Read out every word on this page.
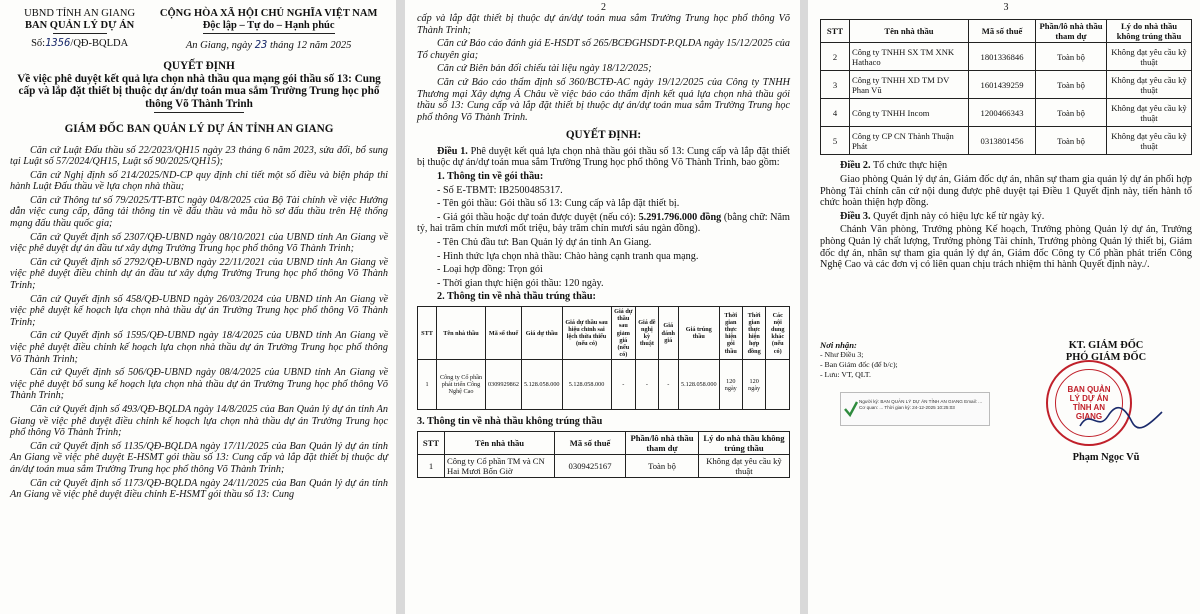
UBND TỈNH AN GIANG
BAN QUẢN LÝ DỰ ÁN
Số:1356/QĐ-BQLDA
CỘNG HÒA XÃ HỘI CHỦ NGHĨA VIỆT NAM
Độc lập – Tự do – Hạnh phúc
An Giang, ngày 23 tháng 12 năm 2025

QUYẾT ĐỊNH

Về việc phê duyệt kết quả lựa chọn nhà thầu qua mạng gói thầu số 13: Cung cấp và lắp đặt thiết bị thuộc dự án/dự toán mua sắm Trường Trung học phổ thông Võ Thành Trinh

GIÁM ĐỐC BAN QUẢN LÝ DỰ ÁN TỈNH AN GIANG

Căn cứ Luật Đấu thầu số 22/2023/QH15 ngày 23 tháng 6 năm 2023, sửa đổi, bổ sung tại Luật số 57/2024/QH15, Luật số 90/2025/QH15);

Căn cứ Nghị định số 214/2025/ND-CP quy định chi tiết một số điều và biện pháp thi hành Luật Đấu thầu về lựa chọn nhà thầu;

Căn cứ Thông tư số 79/2025/TT-BTC ngày 04/8/2025 của Bộ Tài chính về việc Hướng dẫn việc cung cấp, đăng tải thông tin về đấu thầu và mẫu hồ sơ đấu thầu trên Hệ thống mạng đấu thầu quốc gia;

Căn cứ Quyết định số 2307/QĐ-UBND ngày 08/10/2021 của UBND tỉnh An Giang về việc phê duyệt dự án đầu tư xây dựng Trường Trung học phổ thông Võ Thành Trinh;

Căn cứ Quyết định số 2792/QĐ-UBND ngày 22/11/2021 của UBND tỉnh An Giang về việc phê duyệt điều chỉnh dự án đầu tư xây dựng Trường Trung học phổ thông Võ Thành Trinh;

Căn cứ Quyết định số 458/QĐ-UBND ngày 26/03/2024 của UBND tỉnh An Giang về việc phê duyệt kế hoạch lựa chọn nhà thầu dự án Trường Trung học phổ thông Võ Thành Trinh;

Căn cứ Quyết định số 1595/QĐ-UBND ngày 18/4/2025 của UBND tỉnh An Giang về việc phê duyệt điều chỉnh kế hoạch lựa chọn nhà thầu dự án Trường Trung học phổ thông Võ Thành Trinh;

Căn cứ Quyết định số 506/QĐ-UBND ngày 08/4/2025 của UBND tỉnh An Giang về việc phê duyệt bổ sung kế hoạch lựa chọn nhà thầu dự án Trường Trung học phổ thông Võ Thành Trinh;

Căn cứ Quyết định số 493/QĐ-BQLDA ngày 14/8/2025 của Ban Quản lý dự án tỉnh An Giang về việc phê duyệt điều chỉnh kế hoạch lựa chọn nhà thầu dự án Trường Trung học phổ thông Võ Thành Trinh;

Căn cứ Quyết định số 1135/QĐ-BQLDA ngày 17/11/2025 của Ban Quản lý dự án tỉnh An Giang về việc phê duyệt E-HSMT gói thầu số 13: Cung cấp và lắp đặt thiết bị thuộc dự án/dự toán mua sắm Trường Trung học phổ thông Võ Thành Trinh;

Căn cứ Quyết định số 1173/QĐ-BQLDA ngày 24/11/2025 của Ban Quản lý dự án tỉnh An Giang về việc phê duyệt điều chỉnh E-HSMT gói thầu số 13: Cung

2

cấp và lắp đặt thiết bị thuộc dự án/dự toán mua sắm Trường Trung học phổ thông Võ Thành Trinh;

Căn cứ Báo cáo đánh giá E-HSDT số 265/BCĐGHSDT-P.QLDA ngày 15/12/2025 của Tổ chuyên gia;

Căn cứ Biên bản đối chiếu tài liệu ngày 18/12/2025;

Căn cứ Báo cáo thẩm định số 360/BCTĐ-AC ngày 19/12/2025 của Công ty TNHH Thương mại Xây dựng Á Châu về việc báo cáo thẩm định kết quả lựa chọn nhà thầu gói thầu số 13: Cung cấp và lắp đặt thiết bị thuộc dự án/dự toán mua sắm Trường Trung học phổ thông Võ Thành Trinh.

QUYẾT ĐỊNH:

Điều 1. Phê duyệt kết quả lựa chọn nhà thầu gói thầu số 13: Cung cấp và lắp đặt thiết bị thuộc dự án/dự toán mua sắm Trường Trung học phổ thông Võ Thành Trinh, bao gồm:

1. Thông tin về gói thầu:

- Số E-TBMT: IB2500485317.

- Tên gói thầu: Gói thầu số 13: Cung cấp và lắp đặt thiết bị.

- Giá gói thầu hoặc dự toán được duyệt (nếu có): 5.291.796.000 đồng (bằng chữ: Năm tỷ, hai trăm chín mươi mốt triệu, bảy trăm chín mươi sáu ngàn đồng).

- Tên Chủ đầu tư: Ban Quản lý dự án tỉnh An Giang.

- Hình thức lựa chọn nhà thầu: Chào hàng cạnh tranh qua mạng.

- Loại hợp đồng: Trọn gói

- Thời gian thực hiện gói thầu: 120 ngày.

2. Thông tin về nhà thầu trúng thầu:

STT	Tên nhà thầu	Mã số thuế	Giá dự thầu	Giá dự thầu sau hiệu chỉnh sai lệch thừa thiếu (nếu có)	Giá dự thầu sau giảm giá (nếu có)	Giá đề nghị kỳ thuật	Giá đánh giá	Giá trúng thầu	Thời gian thực hiện gói thầu	Thời gian thực hiện hợp đồng	Các nội dung khác (nếu có)
1	Công ty Cổ phần phát triển Công Nghệ Cao	0309929862	5.128.058.000	5.128.058.000	-	-	-	5.128.058.000	120 ngày	120 ngày	

3. Thông tin về nhà thầu không trúng thầu

STT	Tên nhà thầu	Mã số thuế	Phần/lô nhà thầu tham dự	Lý do nhà thầu không trúng thầu
1	Công ty Cổ phần TM và CN Hai Mươi Bốn Giờ	0309425167	Toàn bộ	Không đạt yêu cầu kỹ thuật

3

STT	Tên nhà thầu	Mã số thuế	Phần/lô nhà thầu tham dự	Lý do nhà thầu không trúng thầu
2	Công ty TNHH SX TM XNK Hathaco	1801336846	Toàn bộ	Không đạt yêu cầu kỹ thuật
3	Công ty TNHH XD TM DV Phan Vũ	1601439259	Toàn bộ	Không đạt yêu cầu kỹ thuật
4	Công ty TNHH Incom	1200466343	Toàn bộ	Không đạt yêu cầu kỹ thuật
5	Công ty CP CN Thành Thuận Phát	0313801456	Toàn bộ	Không đạt yêu cầu kỹ thuật

Điều 2. Tổ chức thực hiện

Giao phòng Quản lý dự án, Giám đốc dự án, nhân sự tham gia quản lý dự án phối hợp Phòng Tài chính căn cứ nội dung được phê duyệt tại Điều 1 Quyết định này, tiến hành tổ chức hoàn thiện hợp đồng.

Điều 3. Quyết định này có hiệu lực kể từ ngày ký.

Chánh Văn phòng, Trưởng phòng Kế hoạch, Trưởng phòng Quản lý dự án, Trưởng phòng Quản lý chất lượng, Trưởng phòng Tài chính, Trưởng phòng Quản lý thiết bị, Giám đốc dự án, nhân sự tham gia quản lý dự án, Giám đốc Công ty Cổ phần phát triển Công Nghệ Cao và các đơn vị có liên quan chịu trách nhiệm thi hành Quyết định này./.

Nơi nhận:
- Như Điều 3;
- Ban Giám đốc (để b/c);
- Lưu: VT, QLT.
Người ký: BAN QUẢN LÝ DỰ ÁN TỈNH AN GIANG Email: ... Cơ quan: ... Thời gian ký: 24-12-2025 10:25:03
KT. GIÁM ĐỐC
PHÓ GIÁM ĐỐC
BAN QUẢN LÝ DỰ ÁN TỈNH AN GIANG
Phạm Ngọc Vũ
